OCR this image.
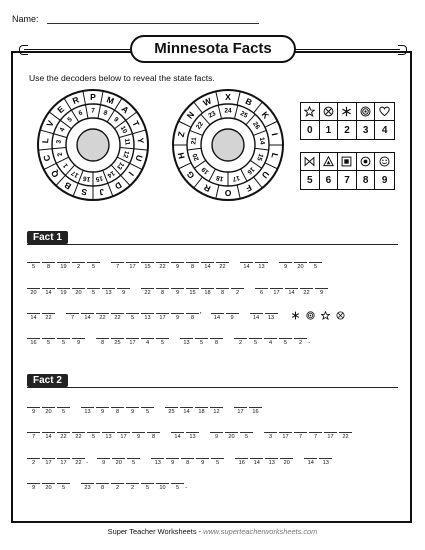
Name:
Minnesota Facts
Use the decoders below to reveal the state facts.
P M
A
T
Y
U
I
D
J
S
B
Q
C
L
V
E
R
7 8
9
10
11
12
13
14
15
16
17
1
2
3
4
5
6
X B
K
I
L
U
F
O
R
G
H
Z
N
W
24 25
26
14
15
16
17
18
19
20
21
22
23
0	1	2	3	4
5	6	7	8	9
Fact 1
5	8	19	2	5	7	17	15	22	9	8	14	22	14	13	9	20	5
20	14	19	20	5	13	9	22	8	9	15	18	8	2	6	17	14	22	9
14	22	7	14	22	22	5	13	17	9	8 '	14	9	14	13
16	5	5	9	8	25	17	4	5	13	5	8	2	5	4	5	2 .
Fact 2
9	20	5	13	9	8	9	5	25	14	18	12	17	16
7	14	22	22	5	13	17	9	8	14	13	9	20	5	3	17	7	7	17	22
2	17	17	22 .	9	20	5	13	9	8	9	5	16	14	13	20	14	13
9	20	5	23	8	2	2	5	10	5 .
Super Teacher Worksheets - www.superteacherworksheets.com
